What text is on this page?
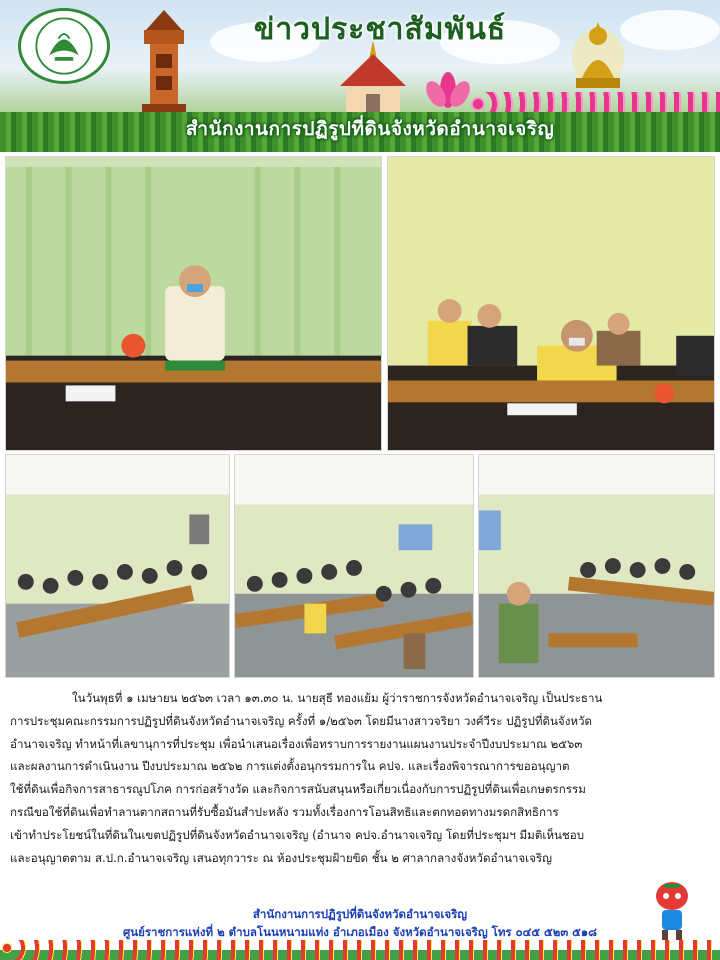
ข่าวประชาสัมพันธ์
สำนักงานการปฏิรูปที่ดินจังหวัดอำนาจเจริญ
ในวันพุธที่ ๑ เมษายน ๒๕๖๓ เวลา ๑๓.๓๐ น. นายสุธี ทองแย้ม ผู้ว่าราชการจังหวัดอำนาจเจริญ เป็นประธาน
การประชุมคณะกรรมการปฏิรูปที่ดินจังหวัดอำนาจเจริญ ครั้งที่ ๑/๒๕๖๓ โดยมีนางสาวจริยา วงศ์วีระ ปฏิรูปที่ดินจังหวัด
อำนาจเจริญ ทำหน้าที่เลขานุการที่ประชุม เพื่อนำเสนอเรื่องเพื่อทราบการรายงานแผนงานประจำปีงบประมาณ ๒๕๖๓
และผลงานการดำเนินงาน ปีงบประมาณ ๒๕๖๒ การแต่งตั้งอนุกรรมการใน คปจ. และเรื่องพิจารณาการขออนุญาต
ใช้ที่ดินเพื่อกิจการสาธารณูปโภค การก่อสร้างวัด และกิจการสนับสนุนหรือเกี่ยวเนื่องกับการปฏิรูปที่ดินเพื่อเกษตรกรรม
กรณีขอใช้ที่ดินเพื่อทำลานตากสถานที่รับซื้อมันสำปะหลัง รวมทั้งเรื่องการโอนสิทธิและตกทอดทางมรดกสิทธิการ
เข้าทำประโยชน์ในที่ดินในเขตปฏิรูปที่ดินจังหวัดอำนาจเจริญ (อำนาจ คปจ.อำนาจเจริญ โดยที่ประชุมฯ มีมติเห็นชอบ
และอนุญาตตาม ส.ป.ก.อำนาจเจริญ เสนอทุกวาระ ณ ห้องประชุมฝ้ายขิด ชั้น ๒ ศาลากลางจังหวัดอำนาจเจริญ
สำนักงานการปฏิรูปที่ดินจังหวัดอำนาจเจริญ
ศูนย์ราชการแห่งที่ ๒ ตำบลโนนหนามแท่ง อำเภอเมือง จังหวัดอำนาจเจริญ โทร ๐๔๕ ๕๒๓ ๕๑๘
